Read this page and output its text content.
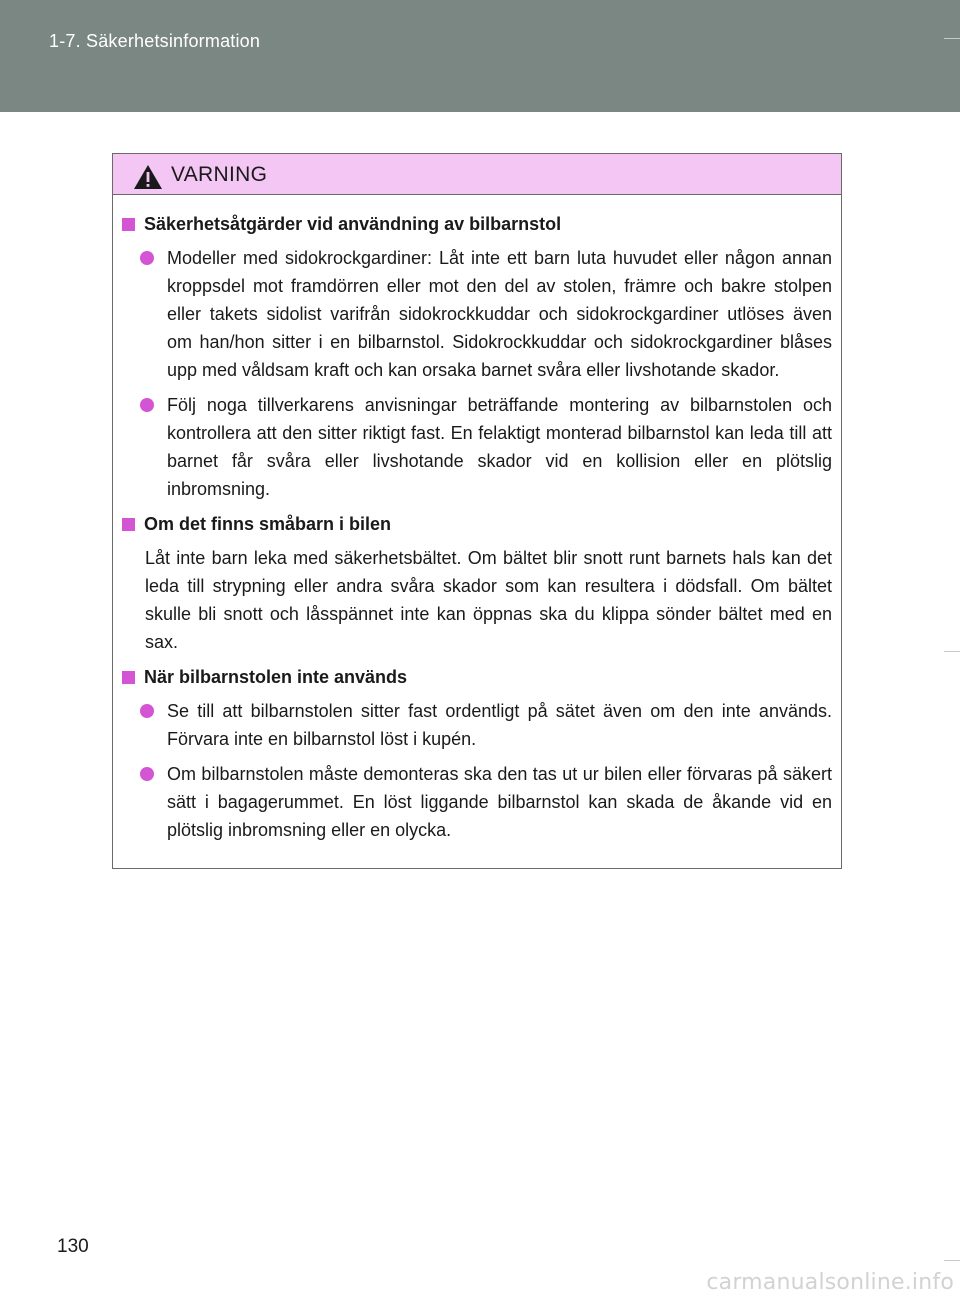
1-7. Säkerhetsinformation
VARNING
Säkerhetsåtgärder vid användning av bilbarnstol
Modeller med sidokrockgardiner: Låt inte ett barn luta huvudet eller någon annan kroppsdel mot framdörren eller mot den del av stolen, främre och bakre stolpen eller takets sidolist varifrån sidokrockkuddar och sidokrockgardiner utlöses även om han/hon sitter i en bilbarnstol. Sidokrockkuddar och sidokrockgardiner blåses upp med våldsam kraft och kan orsaka barnet svåra eller livshotande skador.
Följ noga tillverkarens anvisningar beträffande montering av bilbarnstolen och kontrollera att den sitter riktigt fast. En felaktigt monterad bilbarnstol kan leda till att barnet får svåra eller livshotande skador vid en kollision eller en plötslig inbromsning.
Om det finns småbarn i bilen
Låt inte barn leka med säkerhetsbältet. Om bältet blir snott runt barnets hals kan det leda till strypning eller andra svåra skador som kan resultera i dödsfall. Om bältet skulle bli snott och låsspännet inte kan öppnas ska du klippa sönder bältet med en sax.
När bilbarnstolen inte används
Se till att bilbarnstolen sitter fast ordentligt på sätet även om den inte används. Förvara inte en bilbarnstol löst i kupén.
Om bilbarnstolen måste demonteras ska den tas ut ur bilen eller förvaras på säkert sätt i bagagerummet. En löst liggande bilbarnstol kan skada de åkande vid en plötslig inbromsning eller en olycka.
130
carmanualsonline.info
